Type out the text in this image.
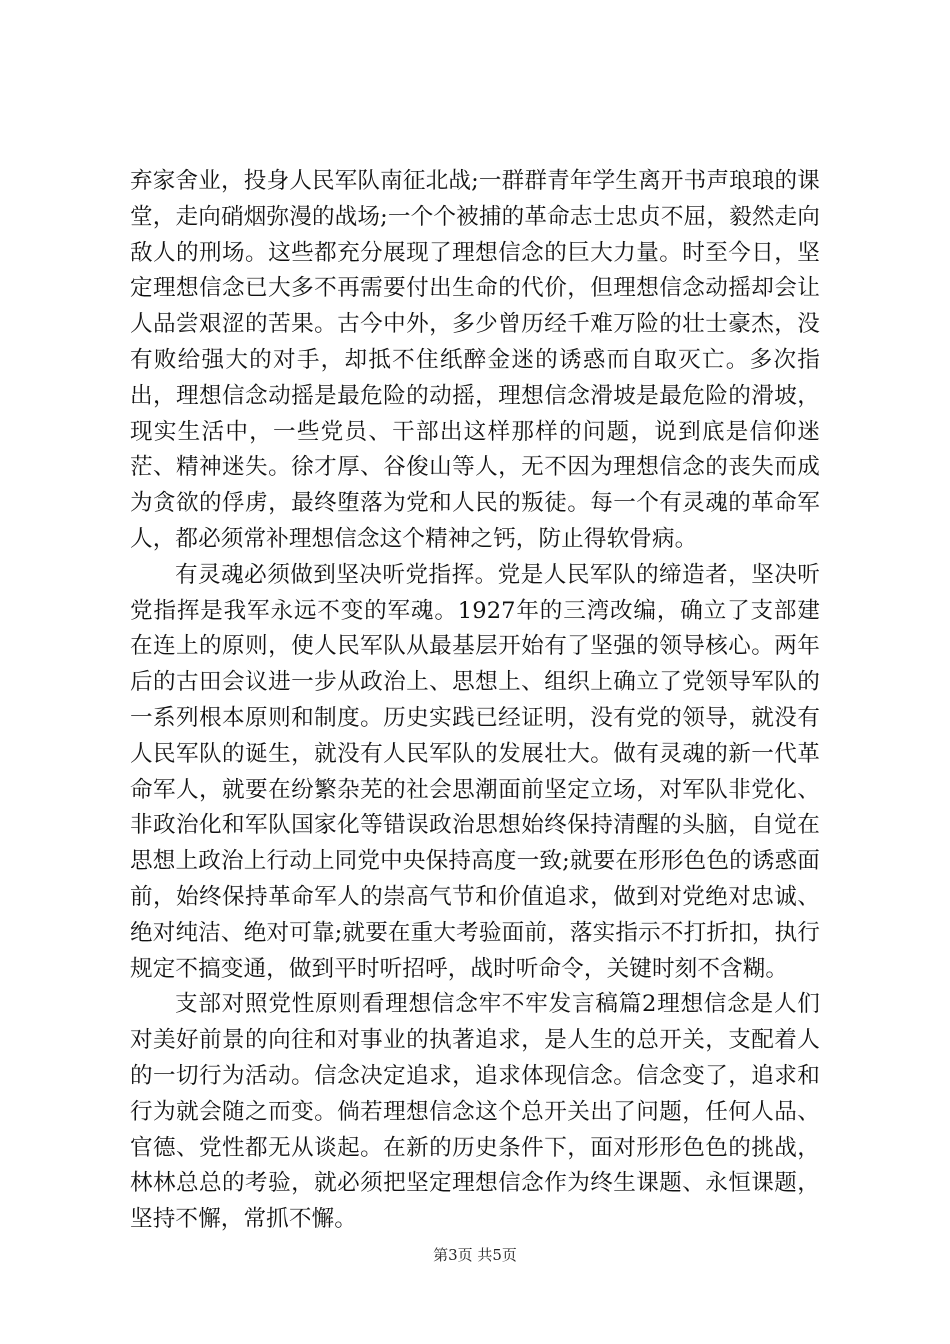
弃家舍业，投身人民军队南征北战;一群群青年学生离开书声琅琅的课堂，走向硝烟弥漫的战场;一个个被捕的革命志士忠贞不屈，毅然走向敌人的刑场。这些都充分展现了理想信念的巨大力量。时至今日，坚定理想信念已大多不再需要付出生命的代价，但理想信念动摇却会让人品尝艰涩的苦果。古今中外，多少曾历经千难万险的壮士豪杰，没有败给强大的对手，却抵不住纸醉金迷的诱惑而自取灭亡。多次指出，理想信念动摇是最危险的动摇，理想信念滑坡是最危险的滑坡，现实生活中，一些党员、干部出这样那样的问题，说到底是信仰迷茫、精神迷失。徐才厚、谷俊山等人，无不因为理想信念的丧失而成为贪欲的俘虏，最终堕落为党和人民的叛徒。每一个有灵魂的革命军人，都必须常补理想信念这个精神之钙，防止得软骨病。

有灵魂必须做到坚决听党指挥。党是人民军队的缔造者，坚决听党指挥是我军永远不变的军魂。1927年的三湾改编，确立了支部建在连上的原则，使人民军队从最基层开始有了坚强的领导核心。两年后的古田会议进一步从政治上、思想上、组织上确立了党领导军队的一系列根本原则和制度。历史实践已经证明，没有党的领导，就没有人民军队的诞生，就没有人民军队的发展壮大。做有灵魂的新一代革命军人，就要在纷繁杂芜的社会思潮面前坚定立场，对军队非党化、非政治化和军队国家化等错误政治思想始终保持清醒的头脑，自觉在思想上政治上行动上同党中央保持高度一致;就要在形形色色的诱惑面前，始终保持革命军人的崇高气节和价值追求，做到对党绝对忠诚、绝对纯洁、绝对可靠;就要在重大考验面前，落实指示不打折扣，执行规定不搞变通，做到平时听招呼，战时听命令，关键时刻不含糊。

支部对照党性原则看理想信念牢不牢发言稿篇2理想信念是人们对美好前景的向往和对事业的执著追求，是人生的总开关，支配着人的一切行为活动。信念决定追求，追求体现信念。信念变了，追求和行为就会随之而变。倘若理想信念这个总开关出了问题，任何人品、官德、党性都无从谈起。在新的历史条件下，面对形形色色的挑战，林林总总的考验，就必须把坚定理想信念作为终生课题、永恒课题，坚持不懈，常抓不懈。

第3页 共5页
